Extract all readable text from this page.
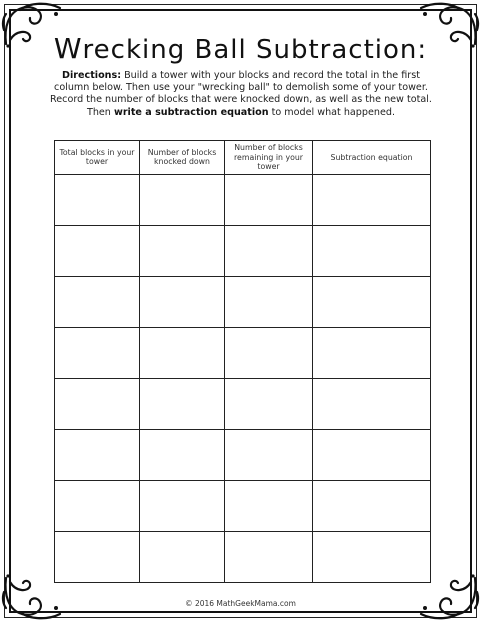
Wrecking Ball Subtraction:
Directions: Build a tower with your blocks and record the total in the first column below. Then use your "wrecking ball" to demolish some of your tower. Record the number of blocks that were knocked down, as well as the new total. Then write a subtraction equation to model what happened.
Total blocks in your tower	Number of blocks knocked down	Number of blocks remaining in your tower	Subtraction equation

© 2016 MathGeekMama.com
